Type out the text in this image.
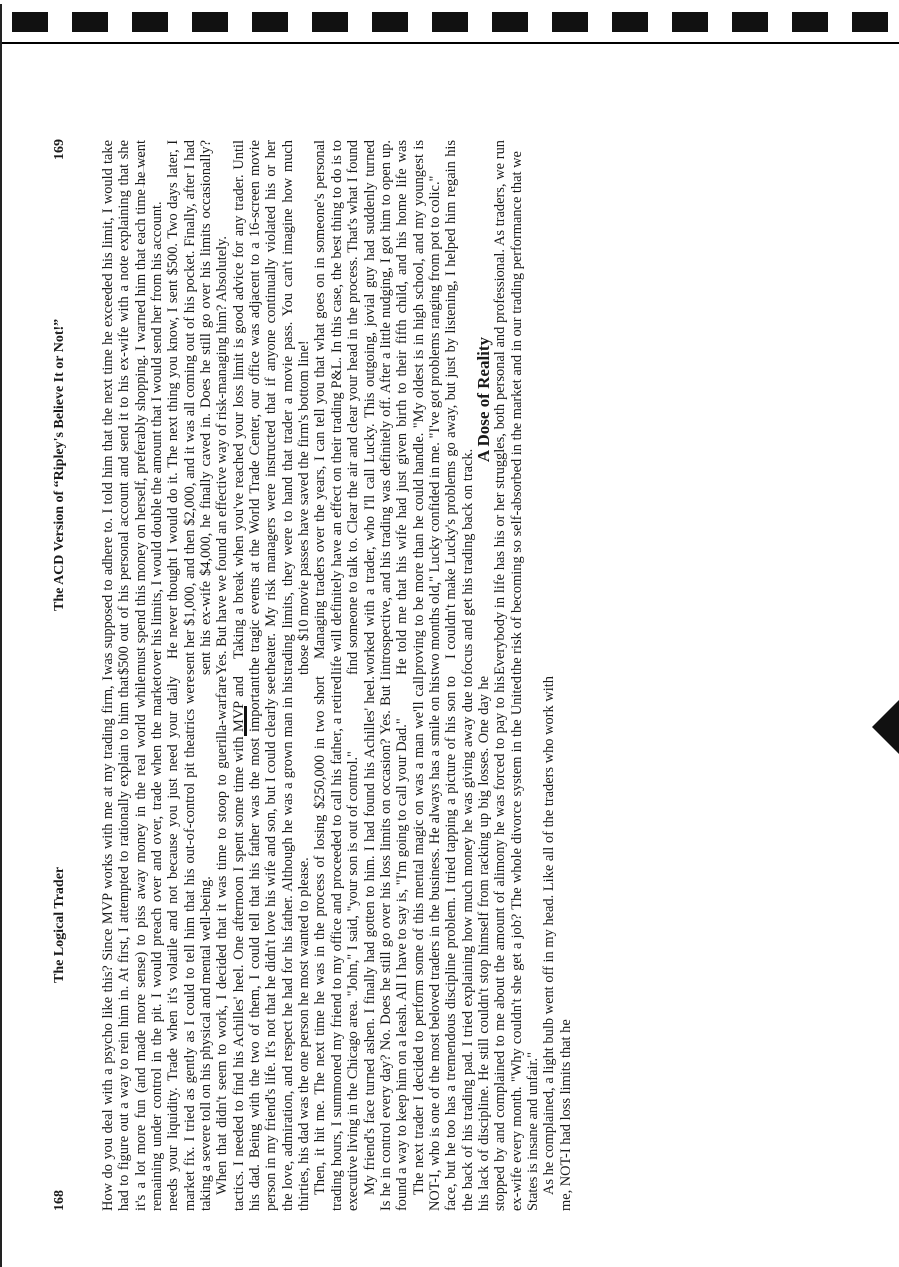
168
The Logical Trader How do you deal with a psycho like this? Since MVP works with me at my trading firm, I had to figure out a way to rein him in. At first, I attempted to rationally explain to him that it's a lot more fun (and made more sense) to piss away money in the real world while remaining under control in the pit. I would preach over and over, trade when the market needs your liquidity. Trade when it's volatile and not because you just need your daily market fix. I tried as gently as I could to tell him that his out-of-control pit theatrics were taking a severe toll on his physical and mental well-being. When that didn't seem to work, I decided that it was time to stoop to guerilla-warfare tactics. I needed to find his Achilles' heel. One afternoon I spent some time with MVP and his dad. Being with the two of them, I could tell that his father was the most important person in my friend's life. It's not that he didn't love his wife and son, but I could clearly see the love, admiration, and respect he had for his father. Although he was a grown man in his thirties, his dad was the one person he most wanted to please. Then, it hit me. The next time he was in the process of losing $250,000 in two short trading hours, I summoned my friend to my office and proceeded to call his father, a retired executive living in the Chicago area. "John," I said, "your son is out of control." My friend's face turned ashen. I finally had gotten to him. I had found his Achilles' heel. Is he in control every day? No. Does he still go over his loss limits on occasion? Yes. But I found a way to keep him on a leash. All I have to say is, "I'm going to call your Dad." The next trader I decided to perform some of this mental magic on was a man we'll call NOT-I, who is one of the most beloved traders in the business. He always has a smile on his face, but he too has a tremendous discipline problem. I tried tapping a picture of his son to the back of his trading pad. I tried explaining how much money he was giving away due to his lack of discipline. He still couldn't stop himself from racking up big losses. One day he stopped by and complained to me about the amount of alimony he was forced to pay to his ex-wife every month. "Why couldn't she get a job? The whole divorce system in the United States is insane and unfair." As he complained, a light bulb went off in my head. Like all of the traders who work with me, NOT-I had loss limits that he

The ACD Version of “Ripley's Believe It or Not!”
169 was supposed to adhere to. I told him that the next time he exceeded his limit, I would take $500 out of his personal account and send it to his ex-wife with a note explaining that she must spend this money on herself, preferably shopping. I warned him that each time he went over his limits, I would double the amount that I would send her from his account. He never thought I would do it. The next thing you know, I sent $500. Two days later, I sent her $1,000, and then $2,000, and it was all coming out of his pocket. Finally, after I had sent his ex-wife $4,000, he finally caved in. Does he still go over his limits occasionally? Yes. But have we found an effective way of risk-managing him? Absolutely. Taking a break when you've reached your loss limit is good advice for any trader. Until the tragic events at the World Trade Center, our office was adjacent to a 16-screen movie theater. My risk managers were instructed that if anyone continually violated his or her trading limits, they were to hand that trader a movie pass. You can't imagine how much those $10 movie passes have saved the firm's bottom line! Managing traders over the years, I can tell you that what goes on in someone's personal life will definitely have an effect on their trading P&L. In this case, the best thing to do is to find someone to talk to. Clear the air and clear your head in the process. That's what I found worked with a trader, who I'll call Lucky. This outgoing, jovial guy had suddenly turned introspective, and his trading was definitely off. After a little nudging, I got him to open up. He told me that his wife had just given birth to their fifth child, and his home life was proving to be more than he could handle. "My oldest is in high school, and my youngest is two months old," Lucky confided in me. "I've got problems ranging from pot to colic." I couldn't make Lucky's problems go away, but just by listening, I helped him regain his focus and get his trading back on track.

A Dose of Reality Everybody in life has his or her struggles, both personal and professional. As traders, we run the risk of becoming so self-absorbed in the market and in our trading performance that we
